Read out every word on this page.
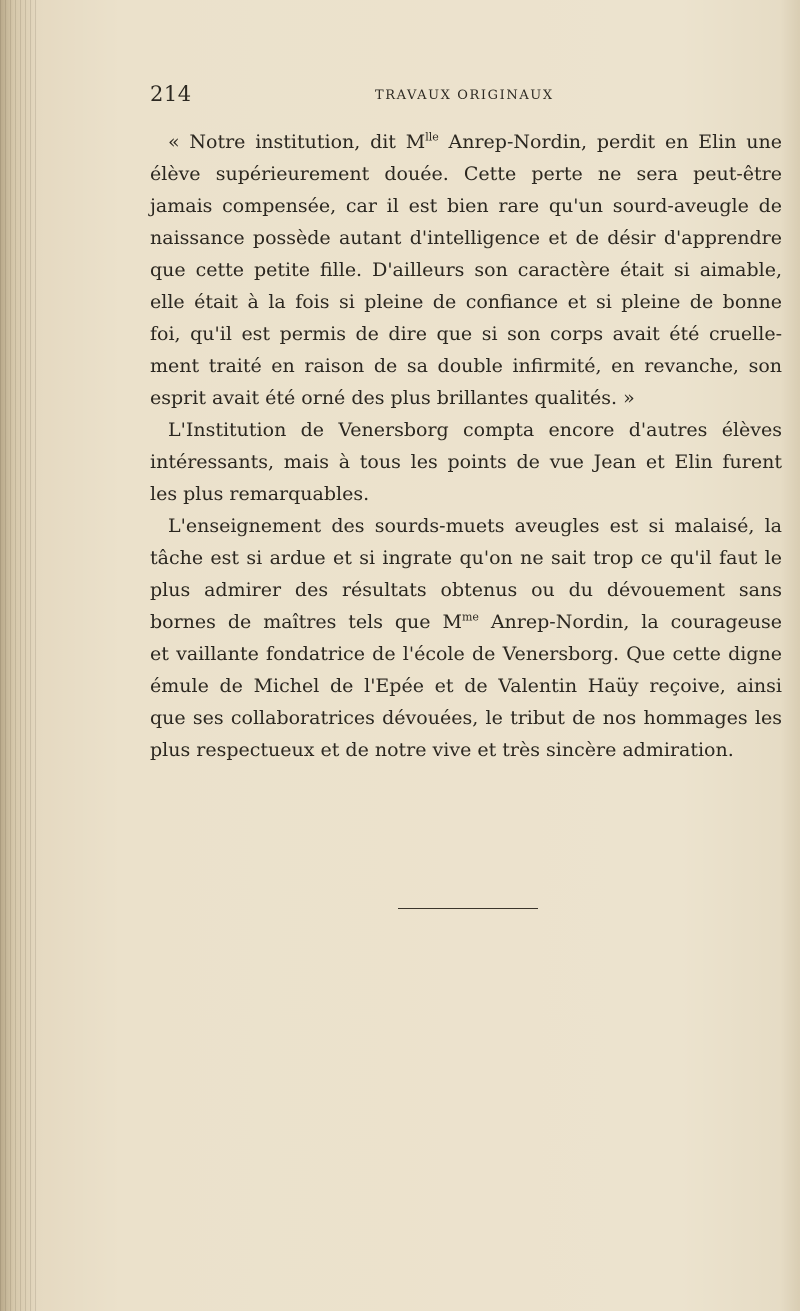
214	TRAVAUX ORIGINAUX
« Notre institution, dit $M^{lle}$ Anrep-Nordin, perdit en Elin une
élève supérieurement douée. Cette perte ne sera peut-être
jamais compensée, car il est bien rare qu'un sourd-aveugle de
naissance possède autant d'intelligence et de désir d'apprendre
que cette petite fille. D'ailleurs son caractère était si aimable,
elle était à la fois si pleine de confiance et si pleine de bonne
foi, qu'il est permis de dire que si son corps avait été cruelle-
ment traité en raison de sa double infirmité, en revanche, son
esprit avait été orné des plus brillantes qualités. »
L'Institution de Venersborg compta encore d'autres élèves
intéressants, mais à tous les points de vue Jean et Elin furent
les plus remarquables.
L'enseignement des sourds-muets aveugles est si malaisé, la
tâche est si ardue et si ingrate qu'on ne sait trop ce qu'il faut le
plus admirer des résultats obtenus ou du dévouement sans
bornes de maîtres tels que $M^{me}$ Anrep-Nordin, la courageuse
et vaillante fondatrice de l'école de Venersborg. Que cette digne
émule de Michel de l'Epée et de Valentin Haüy reçoive, ainsi
que ses collaboratrices dévouées, le tribut de nos hommages les
plus respectueux et de notre vive et très sincère admiration.
